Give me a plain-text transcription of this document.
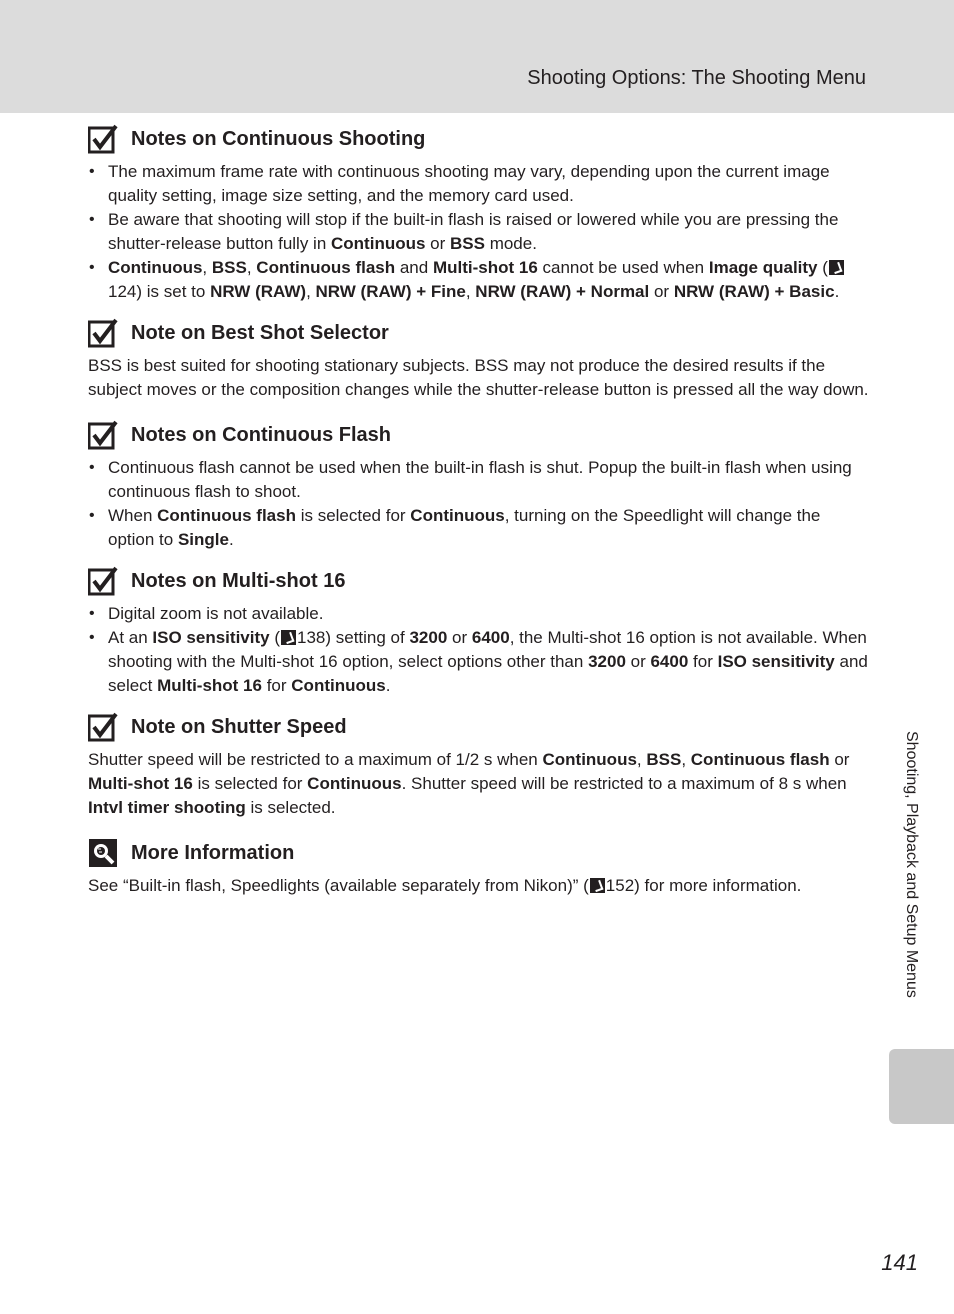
Shooting Options: The Shooting Menu
Notes on Continuous Shooting
• The maximum frame rate with continuous shooting may vary, depending upon the current image quality setting, image size setting, and the memory card used.
• Be aware that shooting will stop if the built-in flash is raised or lowered while you are pressing the shutter-release button fully in Continuous or BSS mode.
• Continuous, BSS, Continuous flash and Multi-shot 16 cannot be used when Image quality (124) is set to NRW (RAW), NRW (RAW) + Fine, NRW (RAW) + Normal or NRW (RAW) + Basic.
Note on Best Shot Selector

BSS is best suited for shooting stationary subjects. BSS may not produce the desired results if the subject moves or the composition changes while the shutter-release button is pressed all the way down.

Notes on Continuous Flash
• Continuous flash cannot be used when the built-in flash is shut. Popup the built-in flash when using continuous flash to shoot.
• When Continuous flash is selected for Continuous, turning on the Speedlight will change the option to Single.
Notes on Multi-shot 16
• Digital zoom is not available.
• At an ISO sensitivity ( 138) setting of 3200 or 6400, the Multi-shot 16 option is not available. When shooting with the Multi-shot 16 option, select options other than 3200 or 6400 for ISO sensitivity and select Multi-shot 16 for Continuous.
Note on Shutter Speed

Shutter speed will be restricted to a maximum of 1/2 s when Continuous, BSS, Continuous flash or Multi-shot 16 is selected for Continuous. Shutter speed will be restricted to a maximum of 8 s when Intvl timer shooting is selected.

More Information

See “Built-in flash, Speedlights (available separately from Nikon)” ( 152) for more information.	Shooting, Playback and Setup Menus
141
